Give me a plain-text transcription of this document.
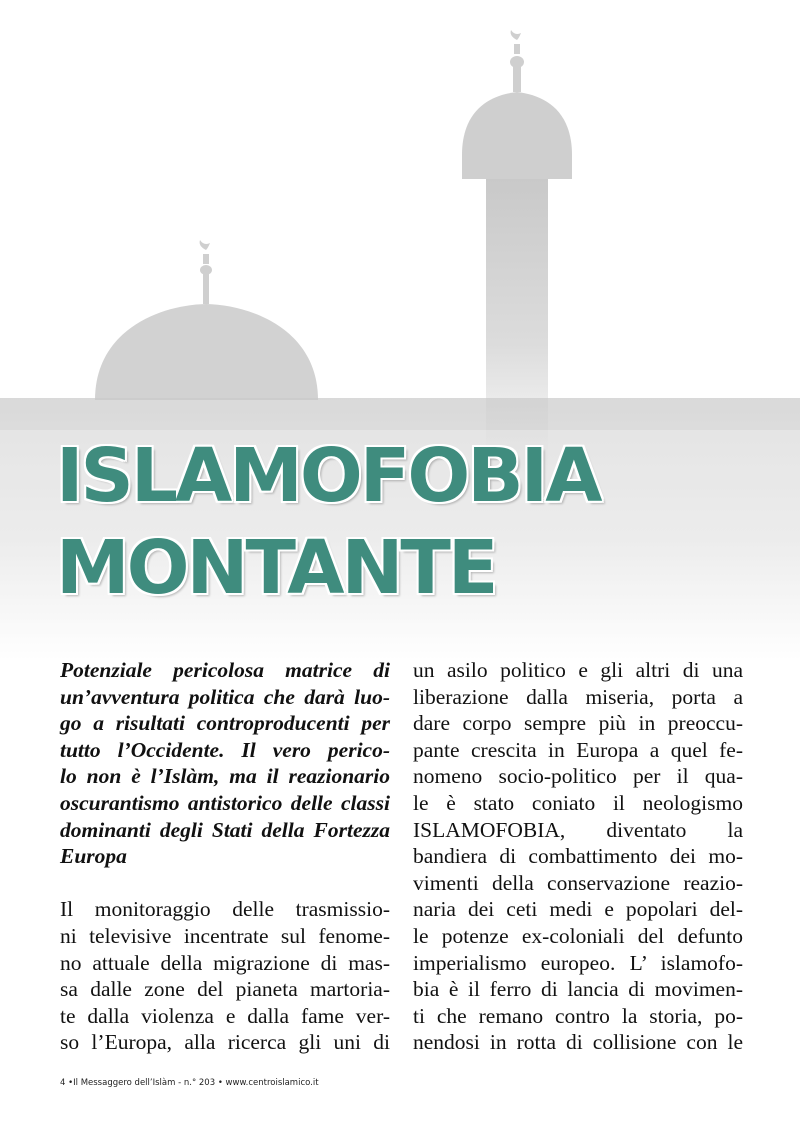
ISLAMOFOBIA
MONTANTE
Potenziale pericolosa matrice di
un’avventura politica che darà luo-
go a risultati controproducenti per
tutto l’Occidente. Il vero perico-
lo non è l’Islàm, ma il reazionario
oscurantismo antistorico delle classi
dominanti degli Stati della Fortezza
Europa
Il monitoraggio delle trasmissio-
ni televisive incentrate sul fenome-
no attuale della migrazione di mas-
sa dalle zone del pianeta martoria-
te dalla violenza e dalla fame ver-
so l’Europa, alla ricerca gli uni di
un asilo politico e gli altri di una
liberazione dalla miseria, porta a
dare corpo sempre più in preoccu-
pante crescita in Europa a quel fe-
nomeno socio-politico per il qua-
le è stato coniato il neologismo
ISLAMOFOBIA, diventato la
bandiera di combattimento dei mo-
vimenti della conservazione reazio-
naria dei ceti medi e popolari del-
le potenze ex-coloniali del defunto
imperialismo europeo. L’ islamofo-
bia è il ferro di lancia di movimen-
ti che remano contro la storia, po-
nendosi in rotta di collisione con le
4 •Il Messaggero dell’Islàm - n.° 203 • www.centroislamico.it
